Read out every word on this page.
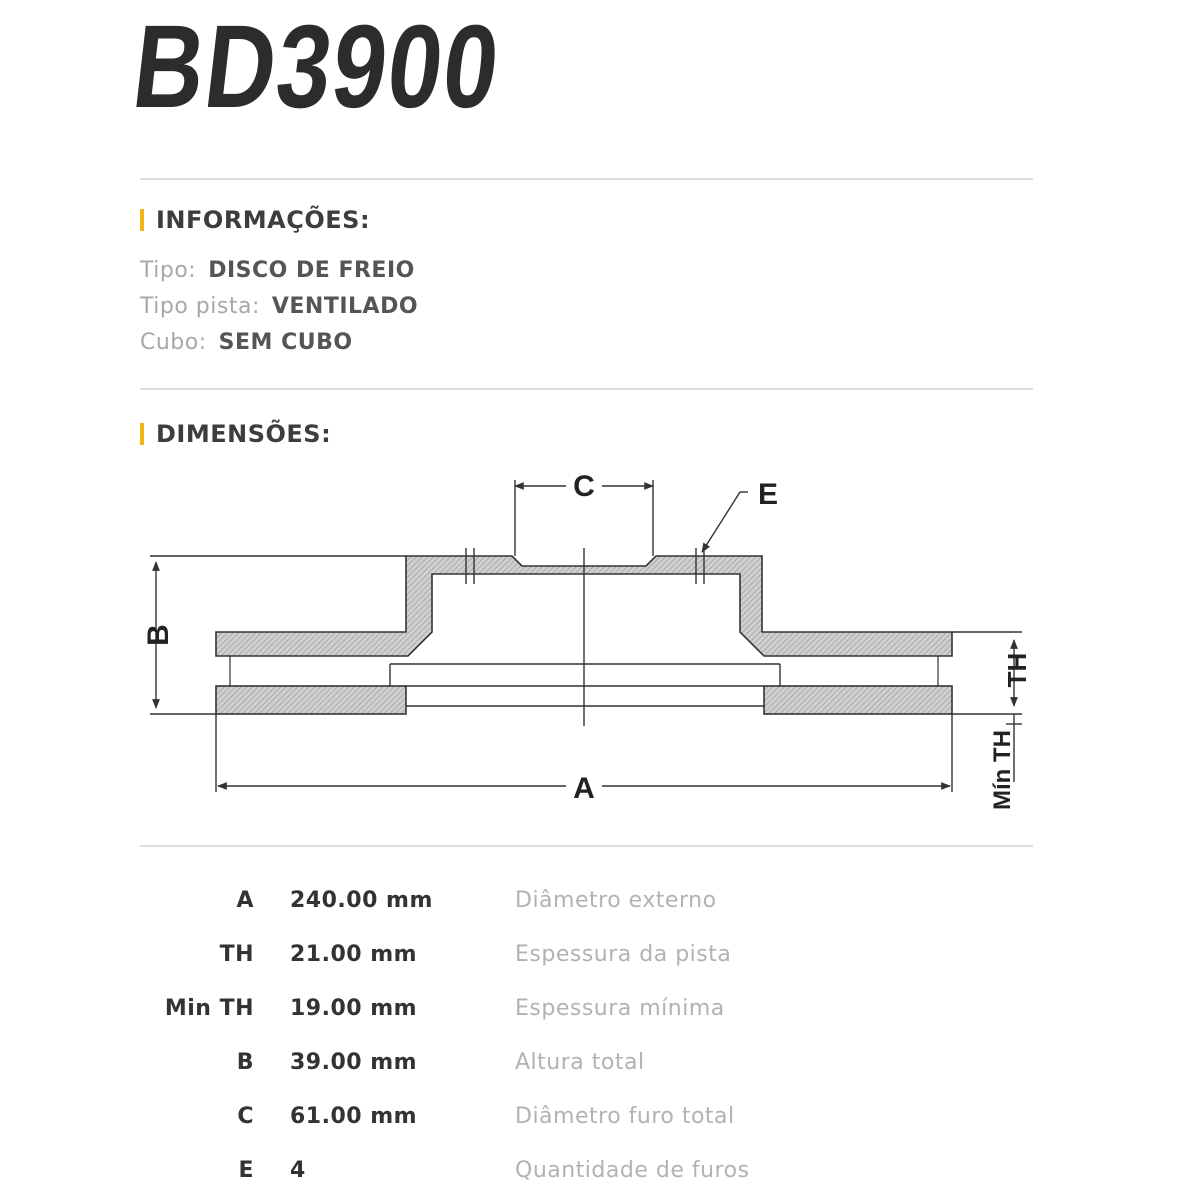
BD3900
INFORMAÇÕES:
Tipo: DISCO DE FREIO
Tipo pista: VENTILADO
Cubo: SEM CUBO
DIMENSÕES:
C	E
B
A
TH
Mín TH
A 240.00 mm	Diâmetro externo
TH 21.00 mm	Espessura da pista
Min TH 19.00 mm	Espessura mínima
B 39.00 mm	Altura total
C 61.00 mm	Diâmetro furo total
E 4	Quantidade de furos
